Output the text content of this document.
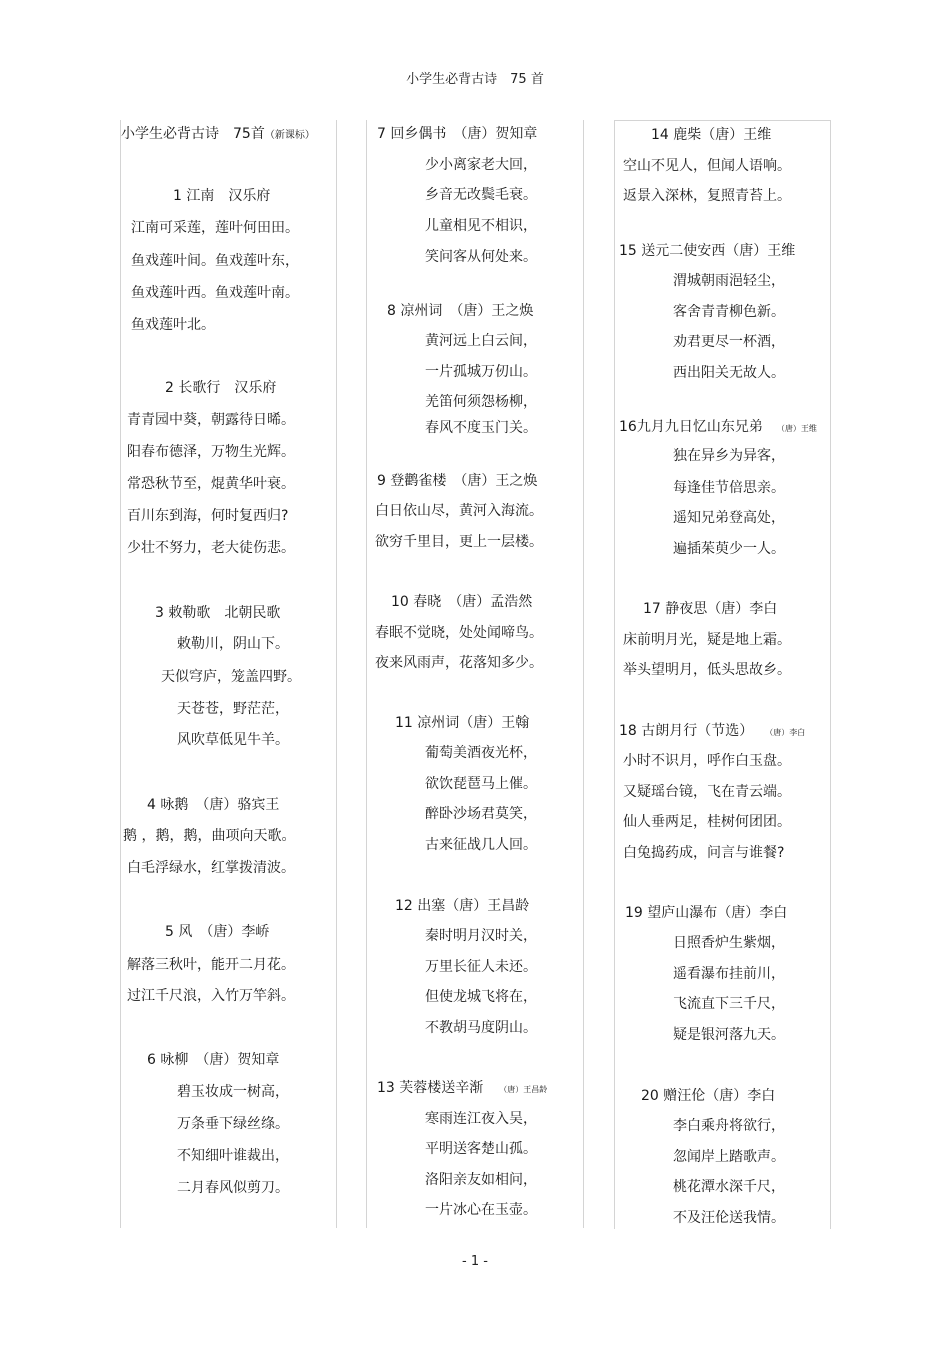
小学生必背古诗　75 首
小学生必背古诗　75首（新课标）
1 江南　汉乐府
江南可采莲，莲叶何田田。
鱼戏莲叶间。鱼戏莲叶东，
鱼戏莲叶西。鱼戏莲叶南。
鱼戏莲叶北。
2 长歌行　汉乐府
青青园中葵，朝露待日晞。
阳春布德泽，万物生光辉。
常恐秋节至，焜黄华叶衰。
百川东到海，何时复西归?
少壮不努力，老大徒伤悲。
3 敕勒歌　北朝民歌
敕勒川，阴山下。
天似穹庐，笼盖四野。
天苍苍，野茫茫，
风吹草低见牛羊。
4 咏鹅　（唐）骆宾王
鹅 ，鹅，鹅，曲项向天歌。
白毛浮绿水，红掌拨清波。
5 风　（唐）李峤
解落三秋叶，能开二月花。
过江千尺浪，入竹万竿斜。
6 咏柳　（唐）贺知章
碧玉妆成一树高，
万条垂下绿丝绦。
不知细叶谁裁出，
二月春风似剪刀。
7 回乡偶书　（唐）贺知章
少小离家老大回，
乡音无改鬓毛衰。
儿童相见不相识，
笑问客从何处来。
8 凉州词　（唐）王之焕
黄河远上白云间，
一片孤城万仞山。
羌笛何须怨杨柳，
春风不度玉门关。
9 登鹳雀楼　（唐）王之焕
白日依山尽，黄河入海流。
欲穷千里目，更上一层楼。
10 春晓　（唐）孟浩然
春眠不觉晓，处处闻啼鸟。
夜来风雨声，花落知多少。
11 凉州词（唐）王翰
葡萄美酒夜光杯，
欲饮琵琶马上催。
醉卧沙场君莫笑，
古来征战几人回。
12 出塞（唐）王昌龄
秦时明月汉时关，
万里长征人未还。
但使龙城飞将在，
不教胡马度阴山。
13 芙蓉楼送辛渐 （唐）王昌龄
寒雨连江夜入吴，
平明送客楚山孤。
洛阳亲友如相问，
一片冰心在玉壶。
14 鹿柴（唐）王维
空山不见人，但闻人语响。
返景入深林，复照青苔上。
15 送元二使安西（唐）王维
渭城朝雨浥轻尘，
客舍青青柳色新。
劝君更尽一杯酒，
西出阳关无故人。
16九月九日忆山东兄弟 （唐）王维
独在异乡为异客，
每逢佳节倍思亲。
遥知兄弟登高处，
遍插茱萸少一人。
17 静夜思（唐）李白
床前明月光，疑是地上霜。
举头望明月，低头思故乡。
18 古朗月行（节选） （唐）李白
小时不识月，呼作白玉盘。
又疑瑶台镜，飞在青云端。
仙人垂两足，桂树何团团。
白兔捣药成，问言与谁餐?
19 望庐山瀑布（唐）李白
日照香炉生紫烟，
遥看瀑布挂前川，
飞流直下三千尺，
疑是银河落九天。
20 赠汪伦（唐）李白
李白乘舟将欲行，
忽闻岸上踏歌声。
桃花潭水深千尺，
不及汪伦送我情。
- 1 -
